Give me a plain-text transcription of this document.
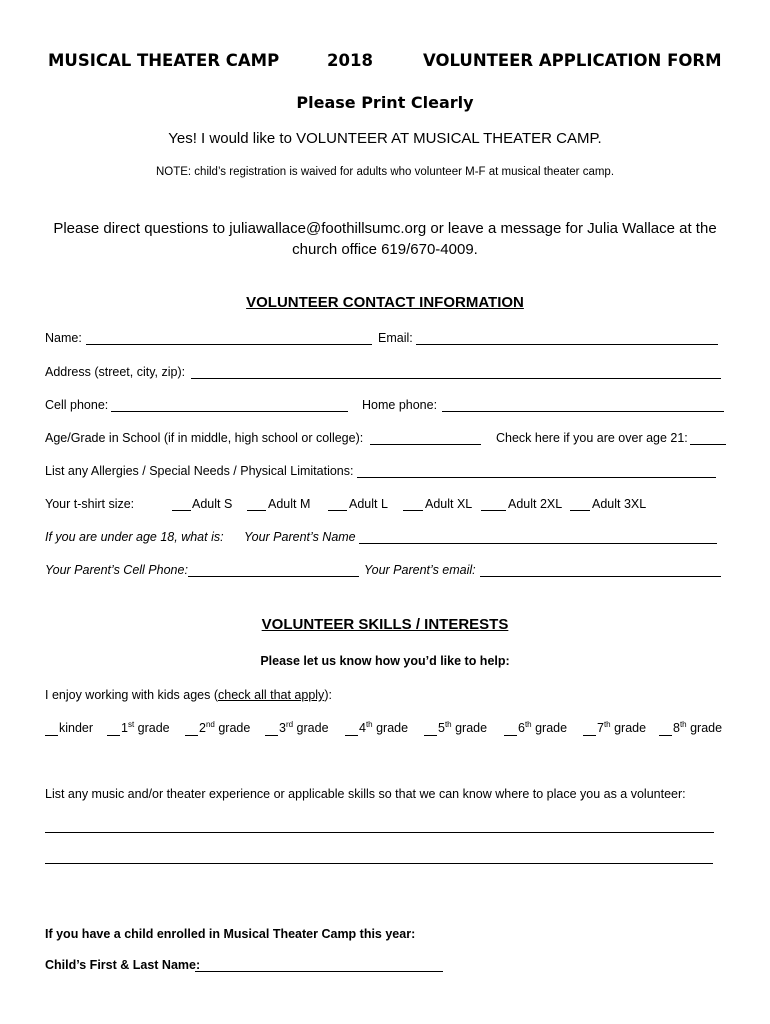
MUSICAL THEATER CAMP	2018	VOLUNTEER APPLICATION FORM
Please Print Clearly
Yes! I would like to VOLUNTEER AT MUSICAL THEATER CAMP.
NOTE: child’s registration is waived for adults who volunteer M-F at musical theater camp.
Please direct questions to juliawallace@foothillsumc.org or leave a message for Julia Wallace at the church office 619/670-4009.
VOLUNTEER CONTACT INFORMATION
Name:	Email:
Address (street, city, zip):
Cell phone:	Home phone:
Age/Grade in School (if in middle, high school or college):	Check here if you are over age 21:
List any Allergies / Special Needs / Physical Limitations:
Your t-shirt size:	Adult S	Adult M	Adult L	Adult XL	Adult 2XL Adult 3XL
If you are under age 18, what is: Your Parent’s Name
Your Parent’s Cell Phone:	Your Parent’s email:
VOLUNTEER SKILLS / INTERESTS
Please let us know how you’d like to help:
I enjoy working with kids ages (check all that apply):
kinder 1st grade 2nd grade 3rd grade 4th grade 5th grade 6th grade 7th grade 8th grade
List any music and/or theater experience or applicable skills so that we can know where to place you as a volunteer:
If you have a child enrolled in Musical Theater Camp this year:
Child’s First & Last Name:
